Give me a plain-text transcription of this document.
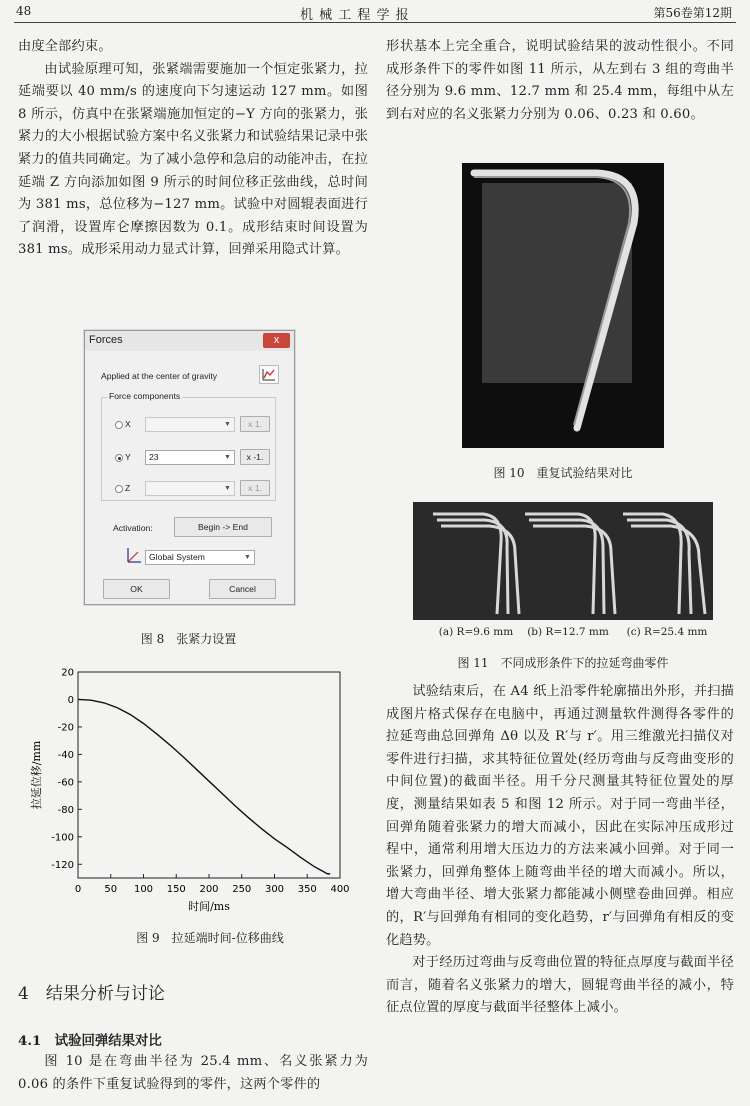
48	机 械 工 程 学 报	第56卷第12期

由度全部约束。

由试验原理可知，张紧端需要施加一个恒定张紧力，拉延端要以 40 mm/s 的速度向下匀速运动 127 mm。如图 8 所示，仿真中在张紧端施加恒定的−Y 方向的张紧力，张紧力的大小根据试验方案中名义张紧力和试验结果记录中张紧力的值共同确定。为了减小急停和急启的动能冲击，在拉延端 Z 方向添加如图 9 所示的时间位移正弦曲线，总时间为 381 ms，总位移为−127 mm。试验中对圆辊表面进行了润滑，设置库仑摩擦因数为 0.1。成形结束时间设置为 381 ms。成形采用动力显式计算，回弹采用隐式计算。

Forces	x
Applied at the center of gravity
Force components
X	▼	x 1.
Y 23	▼	x -1.
Z	▼	x 1.
Activation:	Begin -> End
Global System	▼
OK	Cancel
图 8　张紧力设置
0 50 100 150 200 250 300 350 400
20
0
-20
-40
-60
-80
-100
-120
时间/ms
拉延位移/mm
图 9　拉延端时间-位移曲线
4　结果分析与讨论
4.1　试验回弹结果对比

图 10 是在弯曲半径为 25.4 mm、名义张紧力为 0.06 的条件下重复试验得到的零件，这两个零件的

形状基本上完全重合，说明试验结果的波动性很小。不同成形条件下的零件如图 11 所示，从左到右 3 组的弯曲半径分别为 9.6 mm、12.7 mm 和 25.4 mm，每组中从左到右对应的名义张紧力分别为 0.06、0.23 和 0.60。

图 10　重复试验结果对比
(a) R=9.6 mm	(b) R=12.7 mm	(c) R=25.4 mm
图 11　不同成形条件下的拉延弯曲零件

试验结束后，在 A4 纸上沿零件轮廓描出外形，并扫描成图片格式保存在电脑中，再通过测量软件测得各零件的拉延弯曲总回弹角 Δθ 以及 R′与 r′。用三维激光扫描仪对零件进行扫描，求其特征位置处(经历弯曲与反弯曲变形的中间位置)的截面半径。用千分尺测量其特征位置处的厚度，测量结果如表 5 和图 12 所示。对于同一弯曲半径，回弹角随着张紧力的增大而减小，因此在实际冲压成形过程中，通常利用增大压边力的方法来减小回弹。对于同一张紧力，回弹角整体上随弯曲半径的增大而减小。所以，增大弯曲半径、增大张紧力都能减小侧壁卷曲回弹。相应的，R′与回弹角有相同的变化趋势，r′与回弹角有相反的变化趋势。

对于经历过弯曲与反弯曲位置的特征点厚度与截面半径而言，随着名义张紧力的增大，圆辊弯曲半径的减小，特征点位置的厚度与截面半径整体上减小。
